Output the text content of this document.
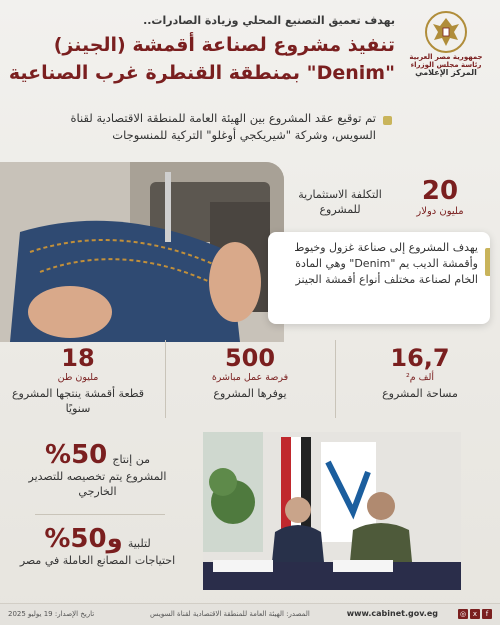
جمهورية مصر العربية
رئاسة مجلس الوزراء
المركز الإعلامي
بهدف تعميق التصنيع المحلي وزيادة الصادرات..
تنفيذ مشروع لصناعة أقمشة (الجينز)
"Denim" بمنطقة القنطرة غرب الصناعية
تم توقيع عقد المشروع بين الهيئة العامة للمنطقة الاقتصادية لقناة السويس، وشركة "شيريكجي أوغلو" التركية للمنسوجات
20
مليون دولار
التكلفة الاستثمارية للمشروع
يهدف المشروع إلى صناعة غزول وخيوط وأقمشة الديب يم "Denim" وهي المادة الخام لصناعة مختلف أنواع أقمشة الجينز
18
مليون طن
قطعة أقمشة ينتجها المشروع سنويًا
500
فرصة عمل مباشرة
يوفرها المشروع
16,7
ألف م²
مساحة المشروع
من إنتاج 50%
المشروع يتم تخصيصه للتصدير الخارجي
لتلبية و50%
احتياجات المصانع العاملة في مصر
تاريخ الإصدار: 19 يوليو 2025	المصدر: الهيئة العامة للمنطقة الاقتصادية لقناة السويس	www.cabinet.gov.eg	f
x
◎
